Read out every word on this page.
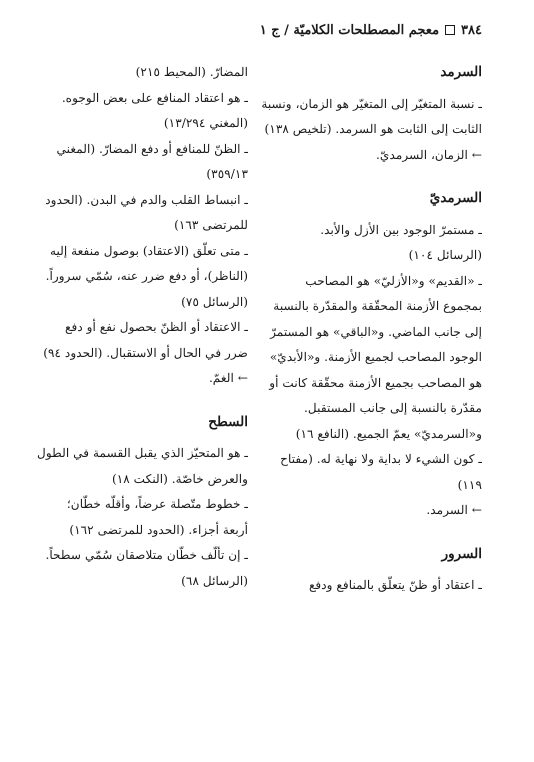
٣٨٤
معجم المصطلحات الكلاميّة / ج ١
السرمد
ـ نسبة المتغيّر إلى المتغيّر هو الزمان، ونسبة
الثابت إلى الثابت هو السرمد. (تلخيص ١٣٨)
← الزمان، السرمديّ.
السرمديّ
ـ مستمرّ الوجود بين الأزل والأبد.
(الرسائل ١٠٤)
ـ «القديم» و«الأزليّ» هو المصاحب
بمجموع الأزمنة المحقّقة والمقدّرة بالنسبة
إلى جانب الماضي. و«الباقي» هو المستمرّ
الوجود المصاحب لجميع الأزمنة. و«الأبديّ»
هو المصاحب بجميع الأزمنة محقّقة كانت أو
مقدّرة بالنسبة إلى جانب المستقبل.
و«السرمديّ» يعمّ الجميع. (النافع ١٦)
ـ كون الشيء لا بداية ولا نهاية له. (مفتاح
١١٩)
← السرمد.
السرور
ـ اعتقاد أو ظنّ يتعلّق بالمنافع ودفع
المضارّ. (المحيط ٢١٥)
ـ هو اعتقاد المنافع على بعض الوجوه.
(المغني ١٣/٢٩٤)
ـ الظنّ للمنافع أو دفع المضارّ. (المغني
٣٥٩/١٣)
ـ انبساط القلب والدم في البدن. (الحدود
للمرتضى ١٦٣)
ـ متى تعلّق (الاعتقاد) بوصول منفعة إليه
(الناظر)، أو دفع ضرر عنه، سُمّي سروراً.
(الرسائل ٧٥)
ـ الاعتقاد أو الظنّ بحصول نفع أو دفع
ضرر في الحال أو الاستقبال. (الحدود ٩٤)
← الغمّ.
السطح
ـ هو المتحيّز الذي يقبل القسمة في الطول
والعرض خاصّة. (النكت ١٨)
ـ خطوط متّصلة عرضاً، وأقلّه خطّان؛
أربعة أجزاء. (الحدود للمرتضى ١٦٢)
ـ إن تألّف خطّان متلاصقان سُمّي سطحاً.
(الرسائل ٦٨)
